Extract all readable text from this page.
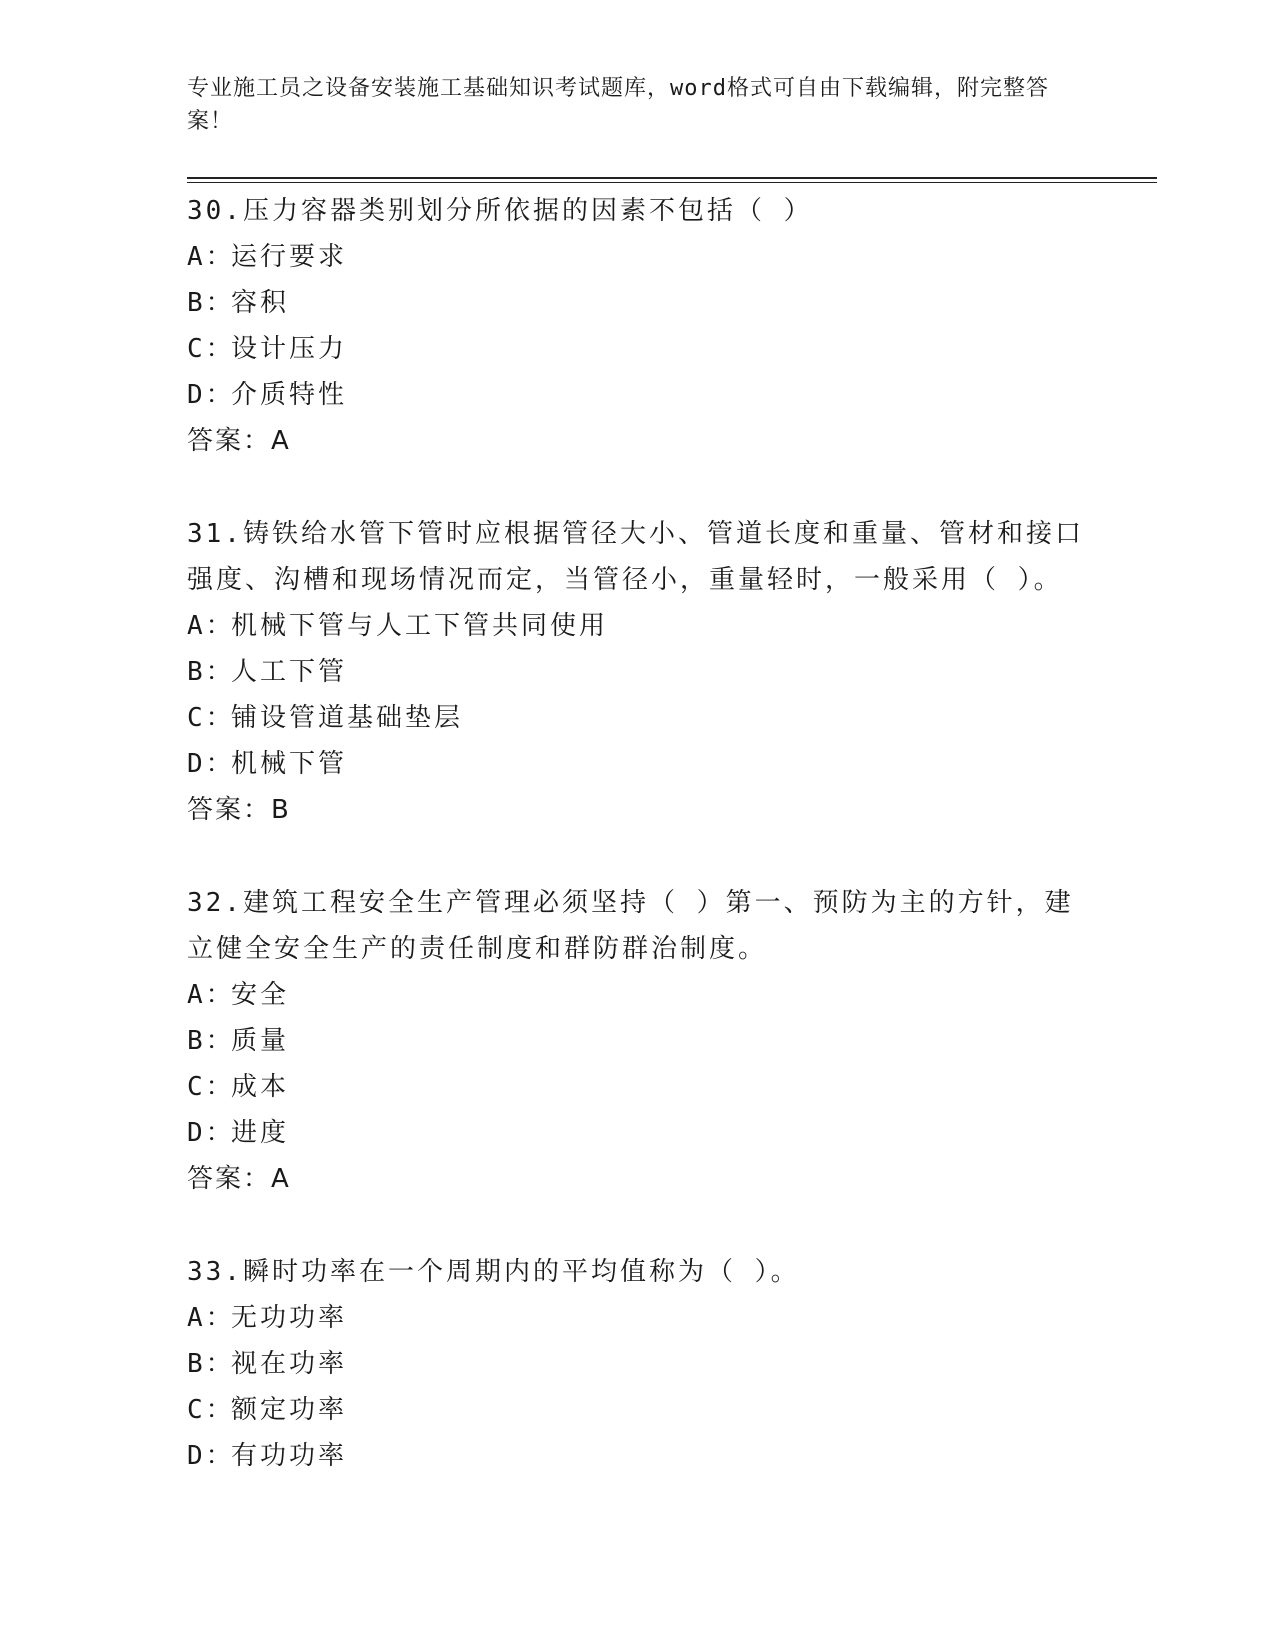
专业施工员之设备安装施工基础知识考试题库，word格式可自由下载编辑，附完整答案！

30.压力容器类别划分所依据的因素不包括（ ）

A：运行要求

B：容积

C：设计压力

D：介质特性

答案：A

31.铸铁给水管下管时应根据管径大小、管道长度和重量、管材和接口强度、沟槽和现场情况而定，当管径小，重量轻时，一般采用（ ）。

A：机械下管与人工下管共同使用

B：人工下管

C：铺设管道基础垫层

D：机械下管

答案：B

32.建筑工程安全生产管理必须坚持（ ）第一、预防为主的方针，建立健全安全生产的责任制度和群防群治制度。

A：安全

B：质量

C：成本

D：进度

答案：A

33.瞬时功率在一个周期内的平均值称为（ ）。

A：无功功率

B：视在功率

C：额定功率

D：有功功率
